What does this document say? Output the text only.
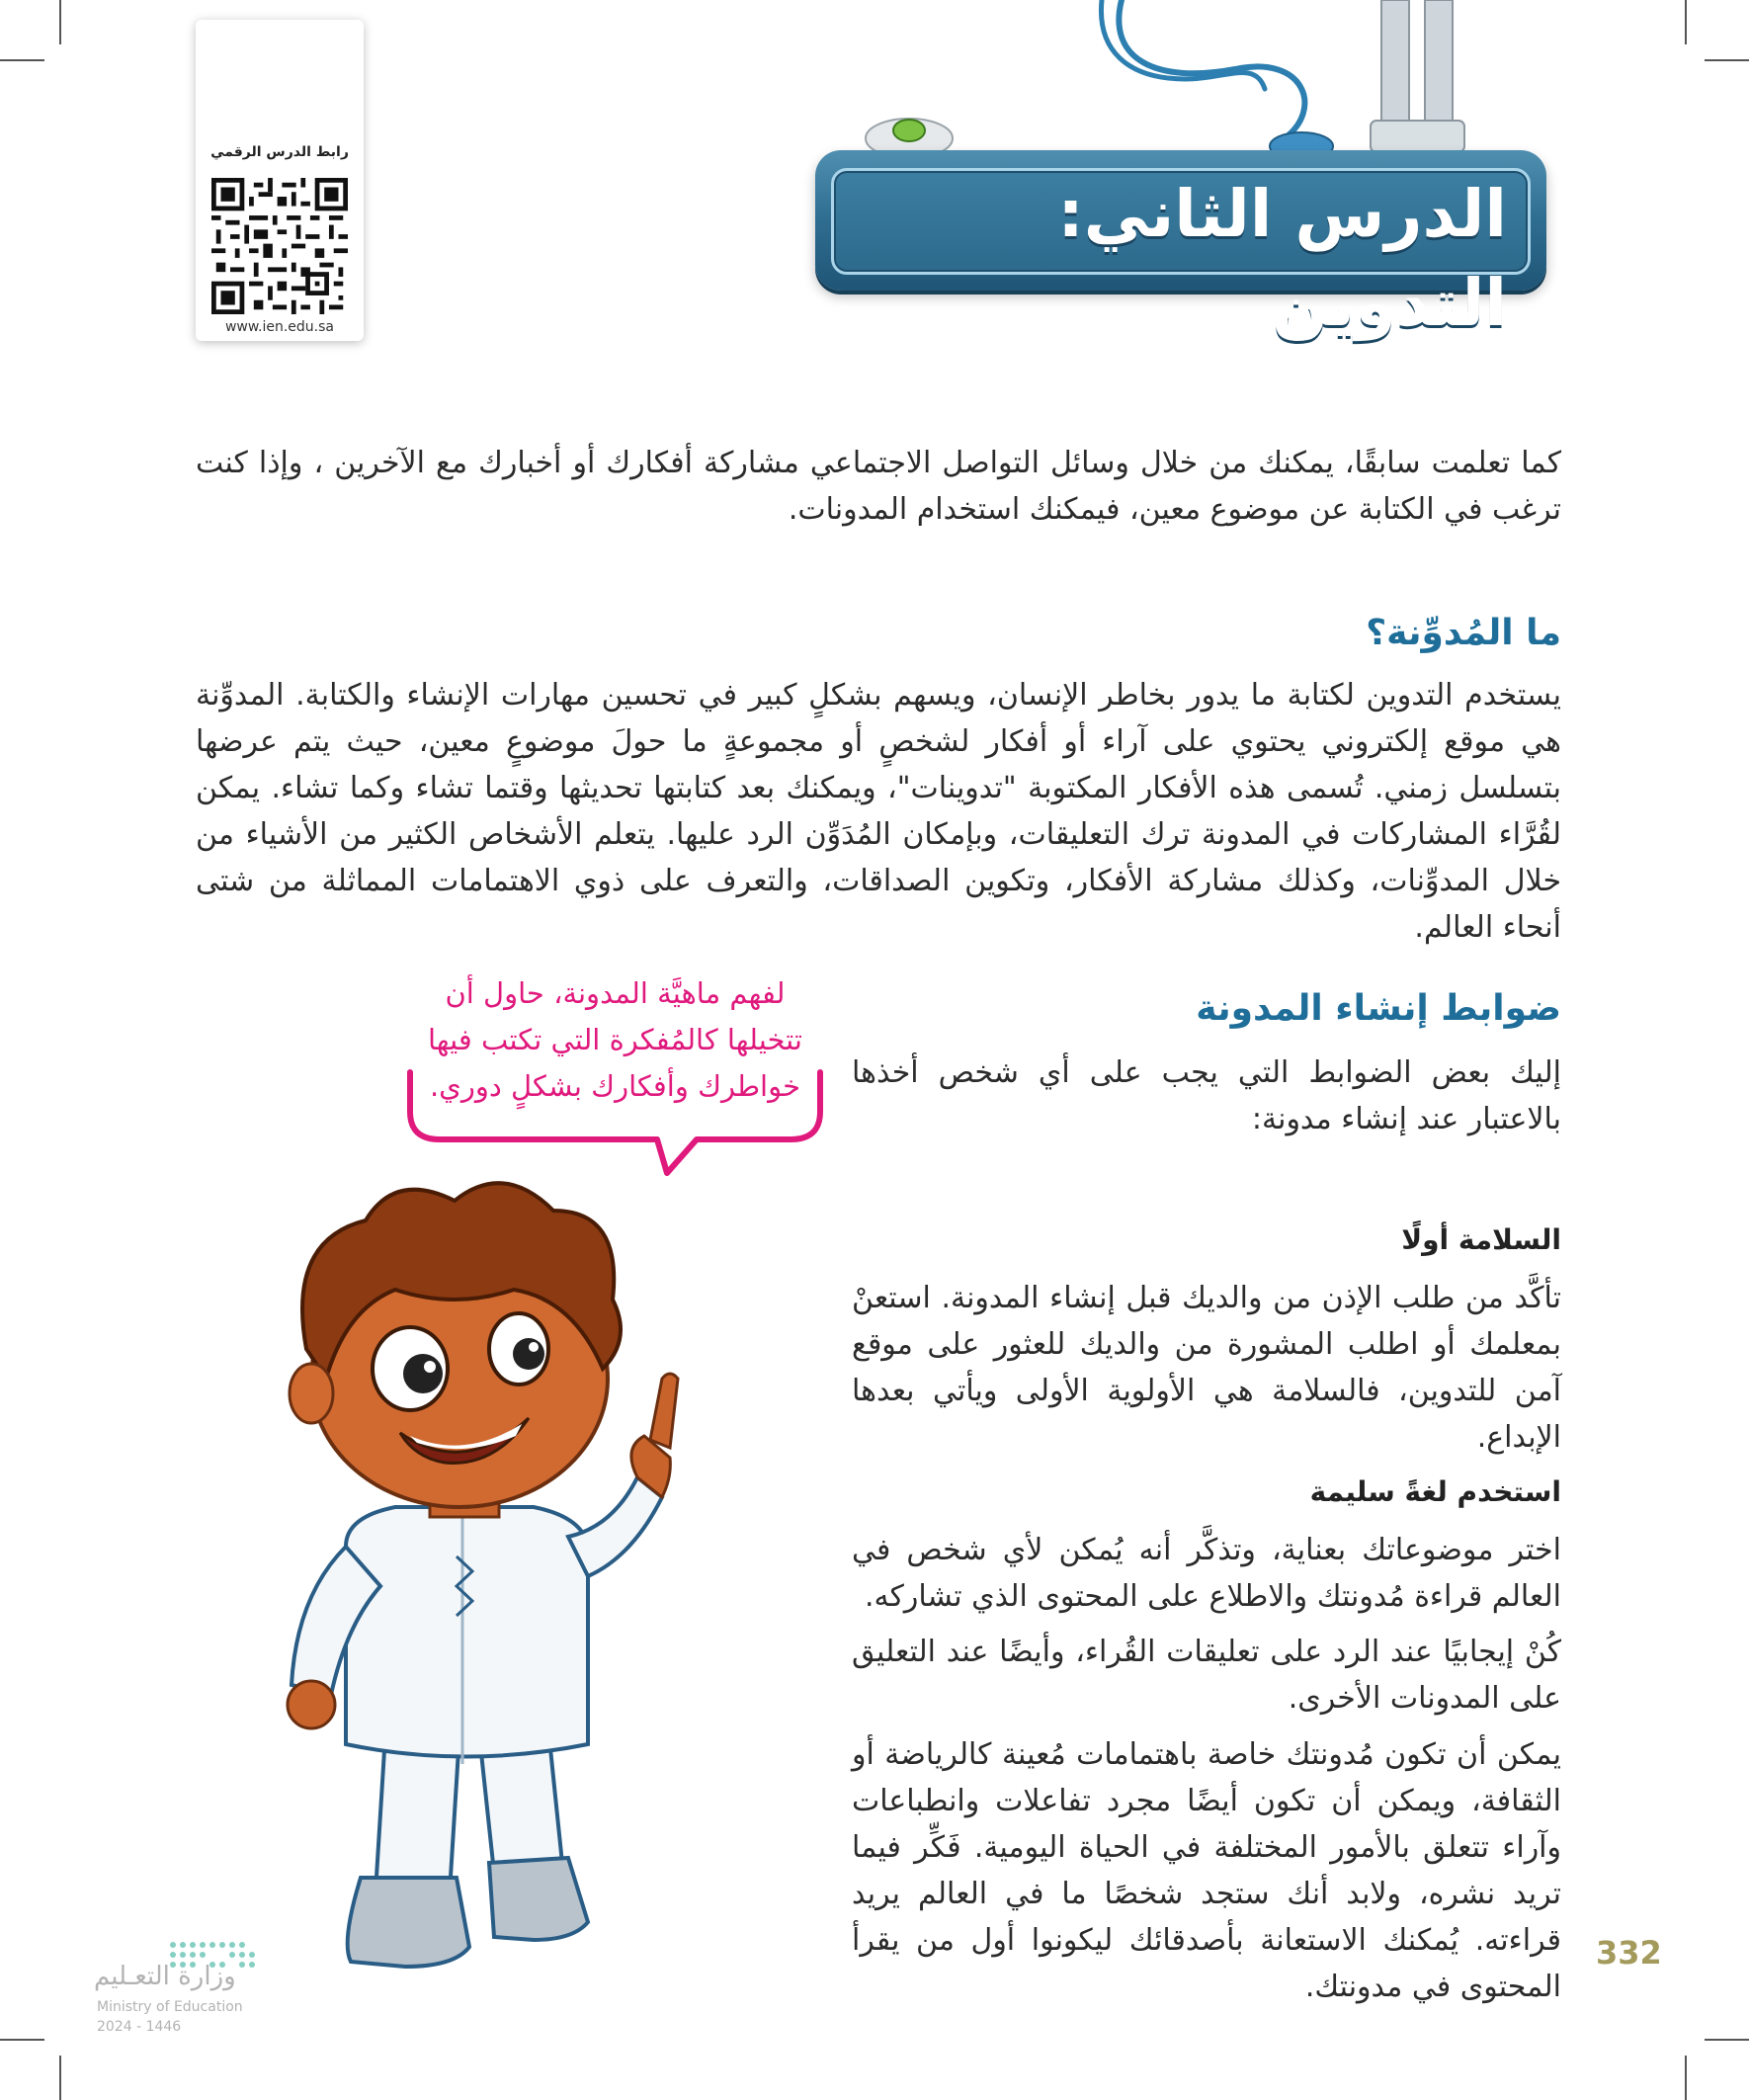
رابط الدرس الرقمي
www.ien.edu.sa
الدرس الثاني: التدوين
كما تعلمت سابقًا، يمكنك من خلال وسائل التواصل الاجتماعي مشاركة أفكارك أو أخبارك مع الآخرين ، وإذا كنت ترغب في الكتابة عن موضوع معين، فيمكنك استخدام المدونات.
ما المُدوِّنة؟
يستخدم التدوين لكتابة ما يدور بخاطر الإنسان، ويسهم بشكلٍ كبير في تحسين مهارات الإنشاء والكتابة. المدوِّنة هي موقع إلكتروني يحتوي على آراء أو أفكار لشخصٍ أو مجموعةٍ ما حولَ موضوعٍ معين، حيث يتم عرضها بتسلسل زمني. تُسمى هذه الأفكار المكتوبة "تدوينات"، ويمكنك بعد كتابتها تحديثها وقتما تشاء وكما تشاء. يمكن لقُرَّاء المشاركات في المدونة ترك التعليقات، وبإمكان المُدَوِّن الرد عليها. يتعلم الأشخاص الكثير من الأشياء من خلال المدوِّنات، وكذلك مشاركة الأفكار، وتكوين الصداقات، والتعرف على ذوي الاهتمامات المماثلة من شتى أنحاء العالم.
لفهم ماهيَّة المدونة، حاول أن تتخيلها كالمُفكرة التي تكتب فيها خواطرك وأفكارك بشكلٍ دوري.
ضوابط إنشاء المدونة
إليك بعض الضوابط التي يجب على أي شخص أخذها بالاعتبار عند إنشاء مدونة:
السلامة أولًا
تأكَّد من طلب الإذن من والديك قبل إنشاء المدونة. استعنْ بمعلمك أو اطلب المشورة من والديك للعثور على موقع آمن للتدوين، فالسلامة هي الأولوية الأولى ويأتي بعدها الإبداع.
استخدم لغةً سليمة
اختر موضوعاتك بعناية، وتذكَّر أنه يُمكن لأي شخص في العالم قراءة مُدونتك والاطلاع على المحتوى الذي تشاركه.
كُنْ إيجابيًا عند الرد على تعليقات القُراء، وأيضًا عند التعليق على المدونات الأخرى.
يمكن أن تكون مُدونتك خاصة باهتمامات مُعينة كالرياضة أو الثقافة، ويمكن أن تكون أيضًا مجرد تفاعلات وانطباعات وآراء تتعلق بالأمور المختلفة في الحياة اليومية. فَكِّر فيما تريد نشره، ولابد أنك ستجد شخصًا ما في العالم يريد قراءته. يُمكنك الاستعانة بأصدقائك ليكونوا أول من يقرأ المحتوى في مدونتك.
وزارة التعـليم
Ministry of Education
2024 - 1446
332
